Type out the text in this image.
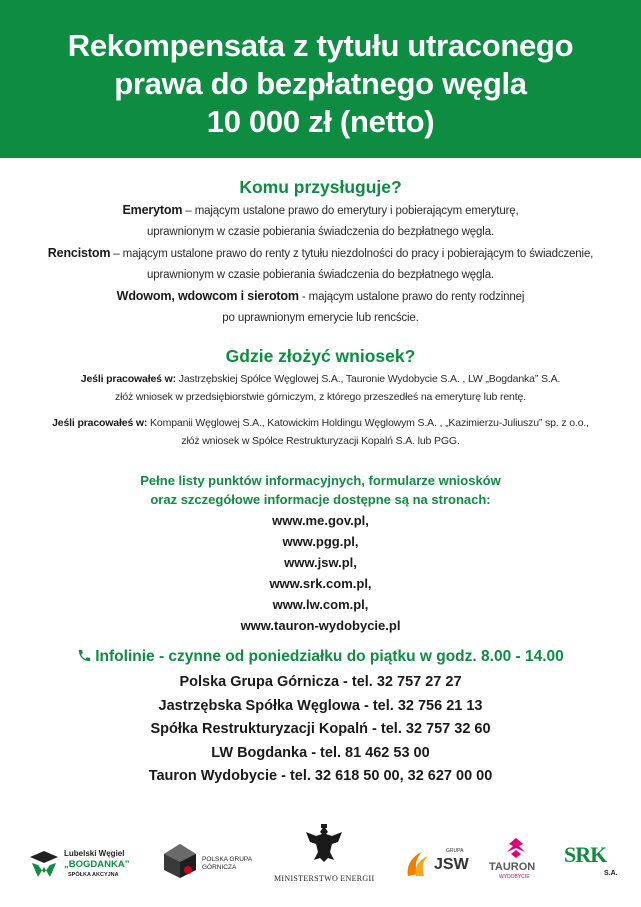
Rekompensata z tytułu utraconego
prawa do bezpłatnego węgla
10 000 zł (netto)
Komu przysługuje?
Emerytom – mającym ustalone prawo do emerytury i pobierającym emeryturę,
uprawnionym w czasie pobierania świadczenia do bezpłatnego węgla.
Rencistom – mającym ustalone prawo do renty z tytułu niezdolności do pracy i pobierającym to świadczenie,
uprawnionym w czasie pobierania świadczenia do bezpłatnego węgla.
Wdowom, wdowcom i sierotom - mającym ustalone prawo do renty rodzinnej
po uprawnionym emerycie lub rencście.
Gdzie złożyć wniosek?
Jeśli pracowałeś w: Jastrzębskiej Spółce Węglowej S.A., Tauronie Wydobycie S.A. , LW „Bogdanka” S.A.
złóż wniosek w przedsiębiorstwie górniczym, z którego przeszedłeś na emeryturę lub rentę.
Jeśli pracowałeś w: Kompanii Węglowej S.A., Katowickim Holdingu Węglowym S.A. , „Kazimierzu-Juliuszu” sp. z o.o.,
złóż wniosek w Spółce Restrukturyzacji Kopalń S.A. lub PGG.
Pełne listy punktów informacyjnych, formularze wniosków
oraz szczegółowe informacje dostępne są na stronach:
www.me.gov.pl,
www.pgg.pl,
www.jsw.pl,
www.srk.com.pl,
www.lw.com.pl,
www.tauron-wydobycie.pl
Infolinie - czynne od poniedziałku do piątku w godz. 8.00 - 14.00
Polska Grupa Górnicza - tel. 32 757 27 27
Jastrzębska Spółka Węglowa - tel. 32 756 21 13
Spółka Restrukturyzacji Kopalń - tel. 32 757 32 60
LW Bogdanka - tel. 81 462 53 00
Tauron Wydobycie - tel. 32 618 50 00, 32 627 00 00
Lubelski Węgiel
„BOGDANKA”
SPÓŁKA AKCYJNA
POLSKA GRUPA
GÓRNICZA
MINISTERSTWO ENERGII
GRUPA
JSW TAURON
WYDOBYCIE
SRK
S.A.
